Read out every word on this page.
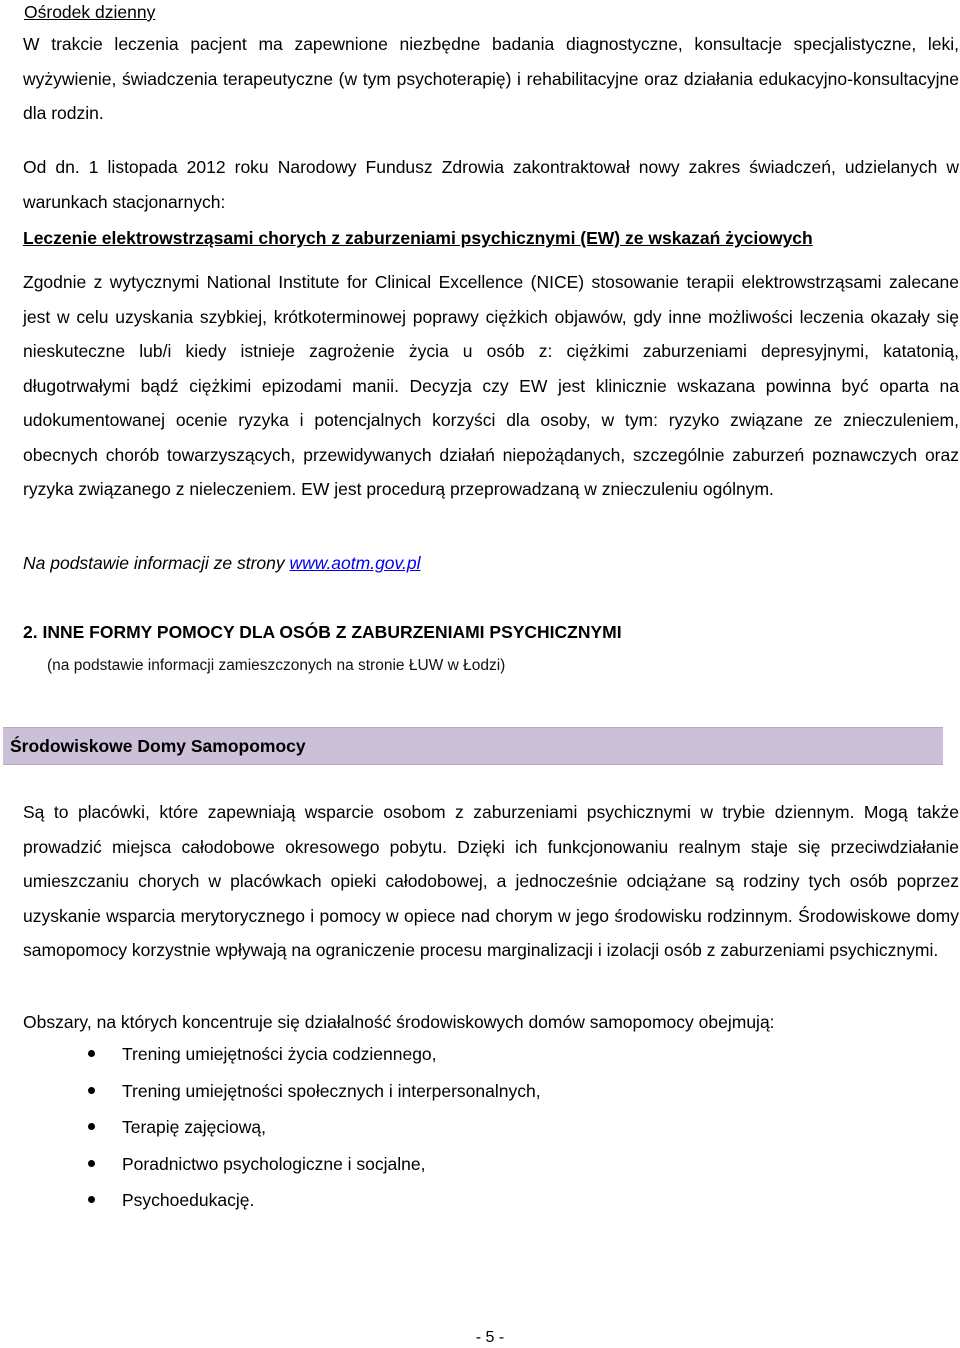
Ośrodek dzienny

W trakcie leczenia pacjent ma zapewnione niezbędne badania diagnostyczne, konsultacje specjalistyczne, leki, wyżywienie, świadczenia terapeutyczne (w tym psychoterapię) i rehabilitacyjne oraz działania edukacyjno-konsultacyjne dla rodzin.

Od dn. 1 listopada 2012 roku Narodowy Fundusz Zdrowia zakontraktował nowy zakres świadczeń, udzielanych w warunkach stacjonarnych:

Leczenie elektrowstrząsami chorych z zaburzeniami psychicznymi (EW) ze wskazań życiowych

Zgodnie z wytycznymi National Institute for Clinical Excellence (NICE) stosowanie terapii elektrowstrząsami zalecane jest w celu uzyskania szybkiej, krótkoterminowej poprawy ciężkich objawów, gdy inne możliwości leczenia okazały się nieskuteczne lub/i kiedy istnieje zagrożenie życia u osób z: ciężkimi zaburzeniami depresyjnymi, katatonią, długotrwałymi bądź ciężkimi epizodami manii. Decyzja czy EW jest klinicznie wskazana powinna być oparta na udokumentowanej ocenie ryzyka i potencjalnych korzyści dla osoby, w tym: ryzyko związane ze znieczuleniem, obecnych chorób towarzyszących, przewidywanych działań niepożądanych, szczególnie zaburzeń poznawczych oraz ryzyka związanego z nieleczeniem. EW jest procedurą przeprowadzaną w znieczuleniu ogólnym.

Na podstawie informacji ze strony www.aotm.gov.pl
2. INNE FORMY POMOCY DLA OSÓB Z ZABURZENIAMI PSYCHICZNYMI
(na podstawie informacji zamieszczonych na stronie ŁUW w Łodzi)
Środowiskowe Domy Samopomocy

Są to placówki, które zapewniają wsparcie osobom z zaburzeniami psychicznymi w trybie dziennym. Mogą także prowadzić miejsca całodobowe okresowego pobytu. Dzięki ich funkcjonowaniu realnym staje się przeciwdziałanie umieszczaniu chorych w placówkach opieki całodobowej, a jednocześnie odciążane są rodziny tych osób poprzez uzyskanie wsparcia merytorycznego i pomocy w opiece nad chorym w jego środowisku rodzinnym. Środowiskowe domy samopomocy korzystnie wpływają na ograniczenie procesu marginalizacji i izolacji osób z zaburzeniami psychicznymi.

Obszary, na których koncentruje się działalność środowiskowych domów samopomocy obejmują:
Trening umiejętności życia codziennego,
Trening umiejętności społecznych i interpersonalnych,
Terapię zajęciową,
Poradnictwo psychologiczne i socjalne,
Psychoedukację.
- 5 -
